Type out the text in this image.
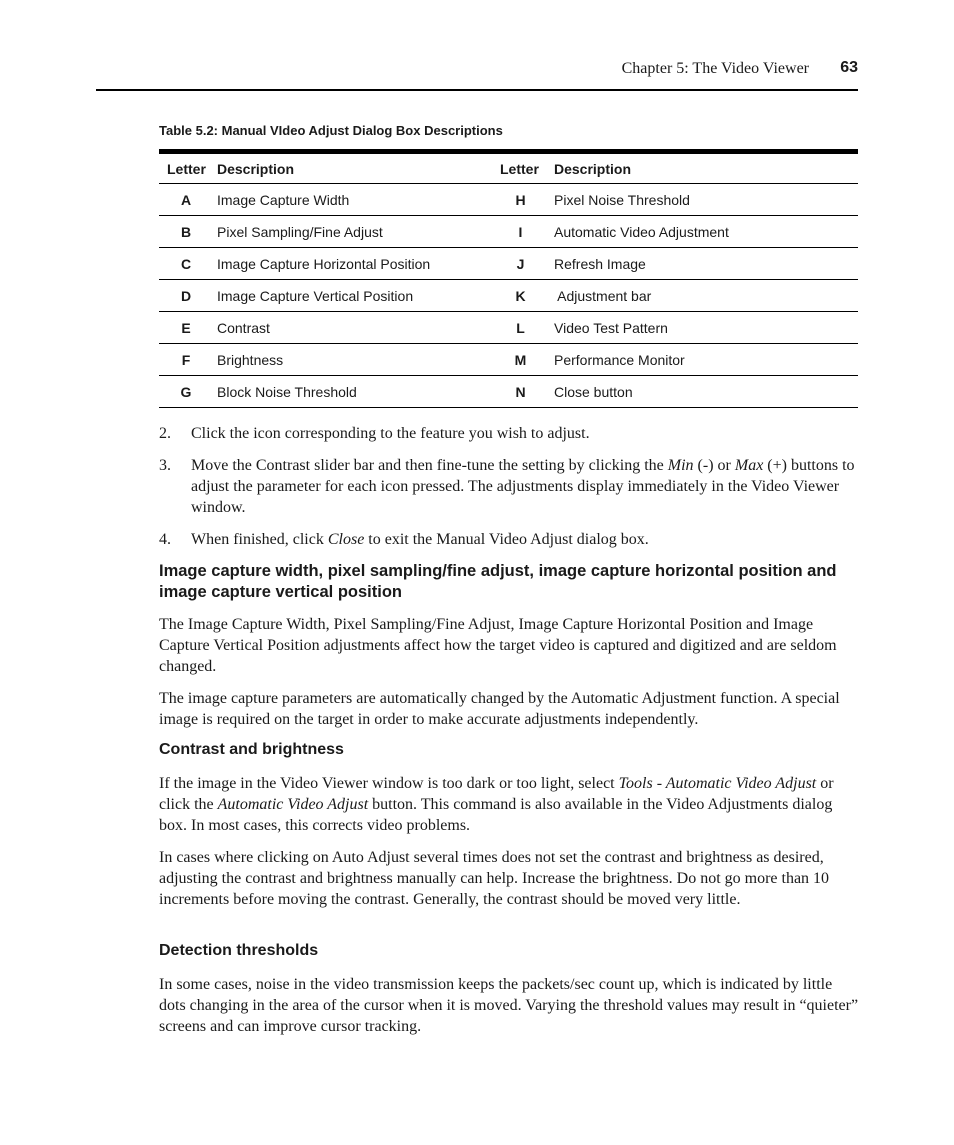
Chapter 5: The Video Viewer 63
Table 5.2: Manual VIdeo Adjust Dialog Box Descriptions
Letter Description	Letter	Description
A	Image Capture Width	H	Pixel Noise Threshold
B	Pixel Sampling/Fine Adjust	I	Automatic Video Adjustment
C	Image Capture Horizontal Position	J	Refresh Image
D	Image Capture Vertical Position	K	Adjustment bar
E	Contrast	L	Video Test Pattern
F	Brightness	M	Performance Monitor
G	Block Noise Threshold	N	Close button
2. Click the icon corresponding to the feature you wish to adjust.
3. Move the Contrast slider bar and then fine-tune the setting by clicking the Min (-) or Max (+) buttons to adjust the parameter for each icon pressed. The adjustments display immediately in the Video Viewer window.
4. When finished, click Close to exit the Manual Video Adjust dialog box.
Image capture width, pixel sampling/fine adjust, image capture horizontal position and image capture vertical position
The Image Capture Width, Pixel Sampling/Fine Adjust, Image Capture Horizontal Position and Image Capture Vertical Position adjustments affect how the target video is captured and digitized and are seldom changed.
The image capture parameters are automatically changed by the Automatic Adjustment function. A special image is required on the target in order to make accurate adjustments independently.
Contrast and brightness
If the image in the Video Viewer window is too dark or too light, select Tools - Automatic Video Adjust or click the Automatic Video Adjust button. This command is also available in the Video Adjustments dialog box. In most cases, this corrects video problems.
In cases where clicking on Auto Adjust several times does not set the contrast and brightness as desired, adjusting the contrast and brightness manually can help. Increase the brightness. Do not go more than 10 increments before moving the contrast. Generally, the contrast should be moved very little.
Detection thresholds
In some cases, noise in the video transmission keeps the packets/sec count up, which is indicated by little dots changing in the area of the cursor when it is moved. Varying the threshold values may result in “quieter” screens and can improve cursor tracking.
